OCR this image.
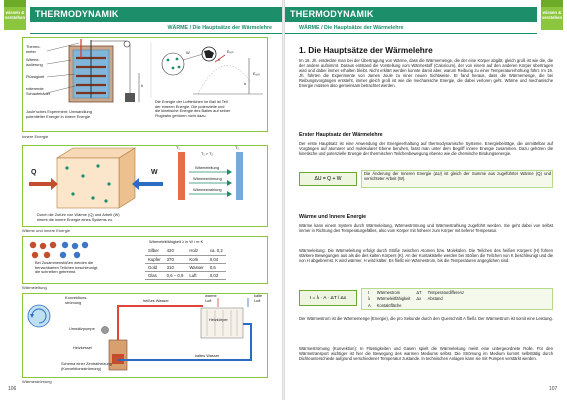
wissen & verstehen	THERMODYNAMIK
WÄRME / Die Hauptsätze der Wärmelehre
Thermo-
meter
Wärme-
isolierung
Flüssigkeit
rotierende
Schaufelräder
h
W	Eₖᵢₙ
Eₚₒₜ
v
h
Joule’sches Experiment: Umwandlung
potentieller Energie in innere Energie
Die Energie der Luftteilchen im Ball ist Teil
der inneren Energie. Die potenzielle und
die kinetische Energie des Balles auf seiner
Flugbahn gehören nicht dazu.
Innere Energie
Q	W
T₁	T₂
T₁ > T₂
Wärmeleitung
Wärmeströmung
Wärmestrahlung
Durch die Zufuhr von Wärme (Q) und Arbeit (W)
nimmt die innere Energie eines Systems zu.
Wärme und Innere Energie
Bei Zusammenstößen werden die
benachbarten Teilchen beschleunigt,
die schnellen gebremst.
Wärmeleitfähigkeit λ in W / m·K
Silber	420	Holz	ca. 0,2
Kupfer	370	Kork	0,04
Gold	310	Wasser	0,6
Glas	0,6 – 0,9	Luft	0,03
Wärmeleitung
Konvektions-
strömung
Umwälzpumpe
Heizkessel
heißes Wasser
warme
Luft
kalte
Luft
Heizkörper
kaltes Wasser
Schema einer Zentralheizung
(Konvektionsströmung)
Wärmeströmung
106
THERMODYNAMIK	wissen & verstehen
WÄRME / Die Hauptsätze der Wärmelehre
1. Die Hauptsätze der Wärmelehre
Im 18. Jh. entdeckte man bei der Übertragung von Wärme, dass die Wärmemenge, die der eine Körper abgibt, gleich groß ist wie die, die der andere aufnimmt. Daraus entstand die Vorstellung vom Wärmestoff (Caloricum), der von einem auf den anderen Körper übertragen wird und dabei immer erhalten bleibt. Nicht erklärt werden konnte damit aber, warum Reibung zu einer Temperaturerhöhung führt. Im 19. Jh. führten die Experimente von James Joule zu einer neuen Sichtweise. Er fand heraus, dass die Wärmemenge, die bei Reibungsvorgängen entsteht, immer gleich groß ist wie die mechanische Energie, die dabei verloren geht. Wärme und mechanische Energie müssen also gemeinsam betrachtet werden.
Erster Hauptsatz der Wärmelehre
Der erste Hauptsatz ist eine Anwendung der Energieerhaltung auf thermodynamische Systeme. Energiebeiträge, die unmittelbar auf Vorgängen auf atomarer und molekularer Ebene beruhen, fasst man unter dem Begriff innere Energie zusammen. Dazu gehören die kinetische und potenzielle Energie der thermischen Teilchenbewegung ebenso wie die chemische Bindungsenergie.
ΔU = Q + W
Die Änderung der Inneren Energie (ΔU) ist gleich der Summe aus zugeführter Wärme (Q) und verrichteter Arbeit (W).
Wärme und Innere Energie
Wärme kann einem System durch Wärmeleitung, Wärmeströmung und Wärmestrahlung zugeführt werden. Sie geht dabei von selbst immer in Richtung des Temperaturgefälles, also vom Körper mit höherer zum Körper mit tieferer Temperatur.
Wärmeleitung: Die Wärmeleitung erfolgt durch Stöße zwischen Atomen bzw. Molekülen. Die Teilchen des heißen Körpers (H) führen stärkere Bewegungen aus als die des kalten Körpers (K). An der Kontaktstelle werden bei Stößen die Teilchen von K beschleunigt und die von H abgebremst. K wird wärmer, H wird kälter. Es fließt ein Wärmestrom, bis die Temperaturen angeglichen sind.
I = λ · A · ΔT / Δx
I	Wärmestrom	ΔT	Temperaturdifferenz
λ	Wärmeleitfähigkeit	Δx	Abstand
A	Kontaktfläche		
Der Wärmestrom ist die Wärmemenge (Energie), die pro Sekunde durch den Querschnitt A fließt. Der Wärmestrom ist somit eine Leistung.
Wärmeströmung (Konvektion): In Flüssigkeiten und Gasen spielt die Wärmeleitung meist eine untergeordnete Rolle. Für den Wärmetransport wichtiger ist hier die Bewegung des warmen Mediums selbst. Die Strömung im Medium kommt selbsttätig durch Dichteunterschiede aufgrund verschiedener Temperatur zustande. In technischen Anlagen kann sie mit Pumpen verstärkt werden.
107
